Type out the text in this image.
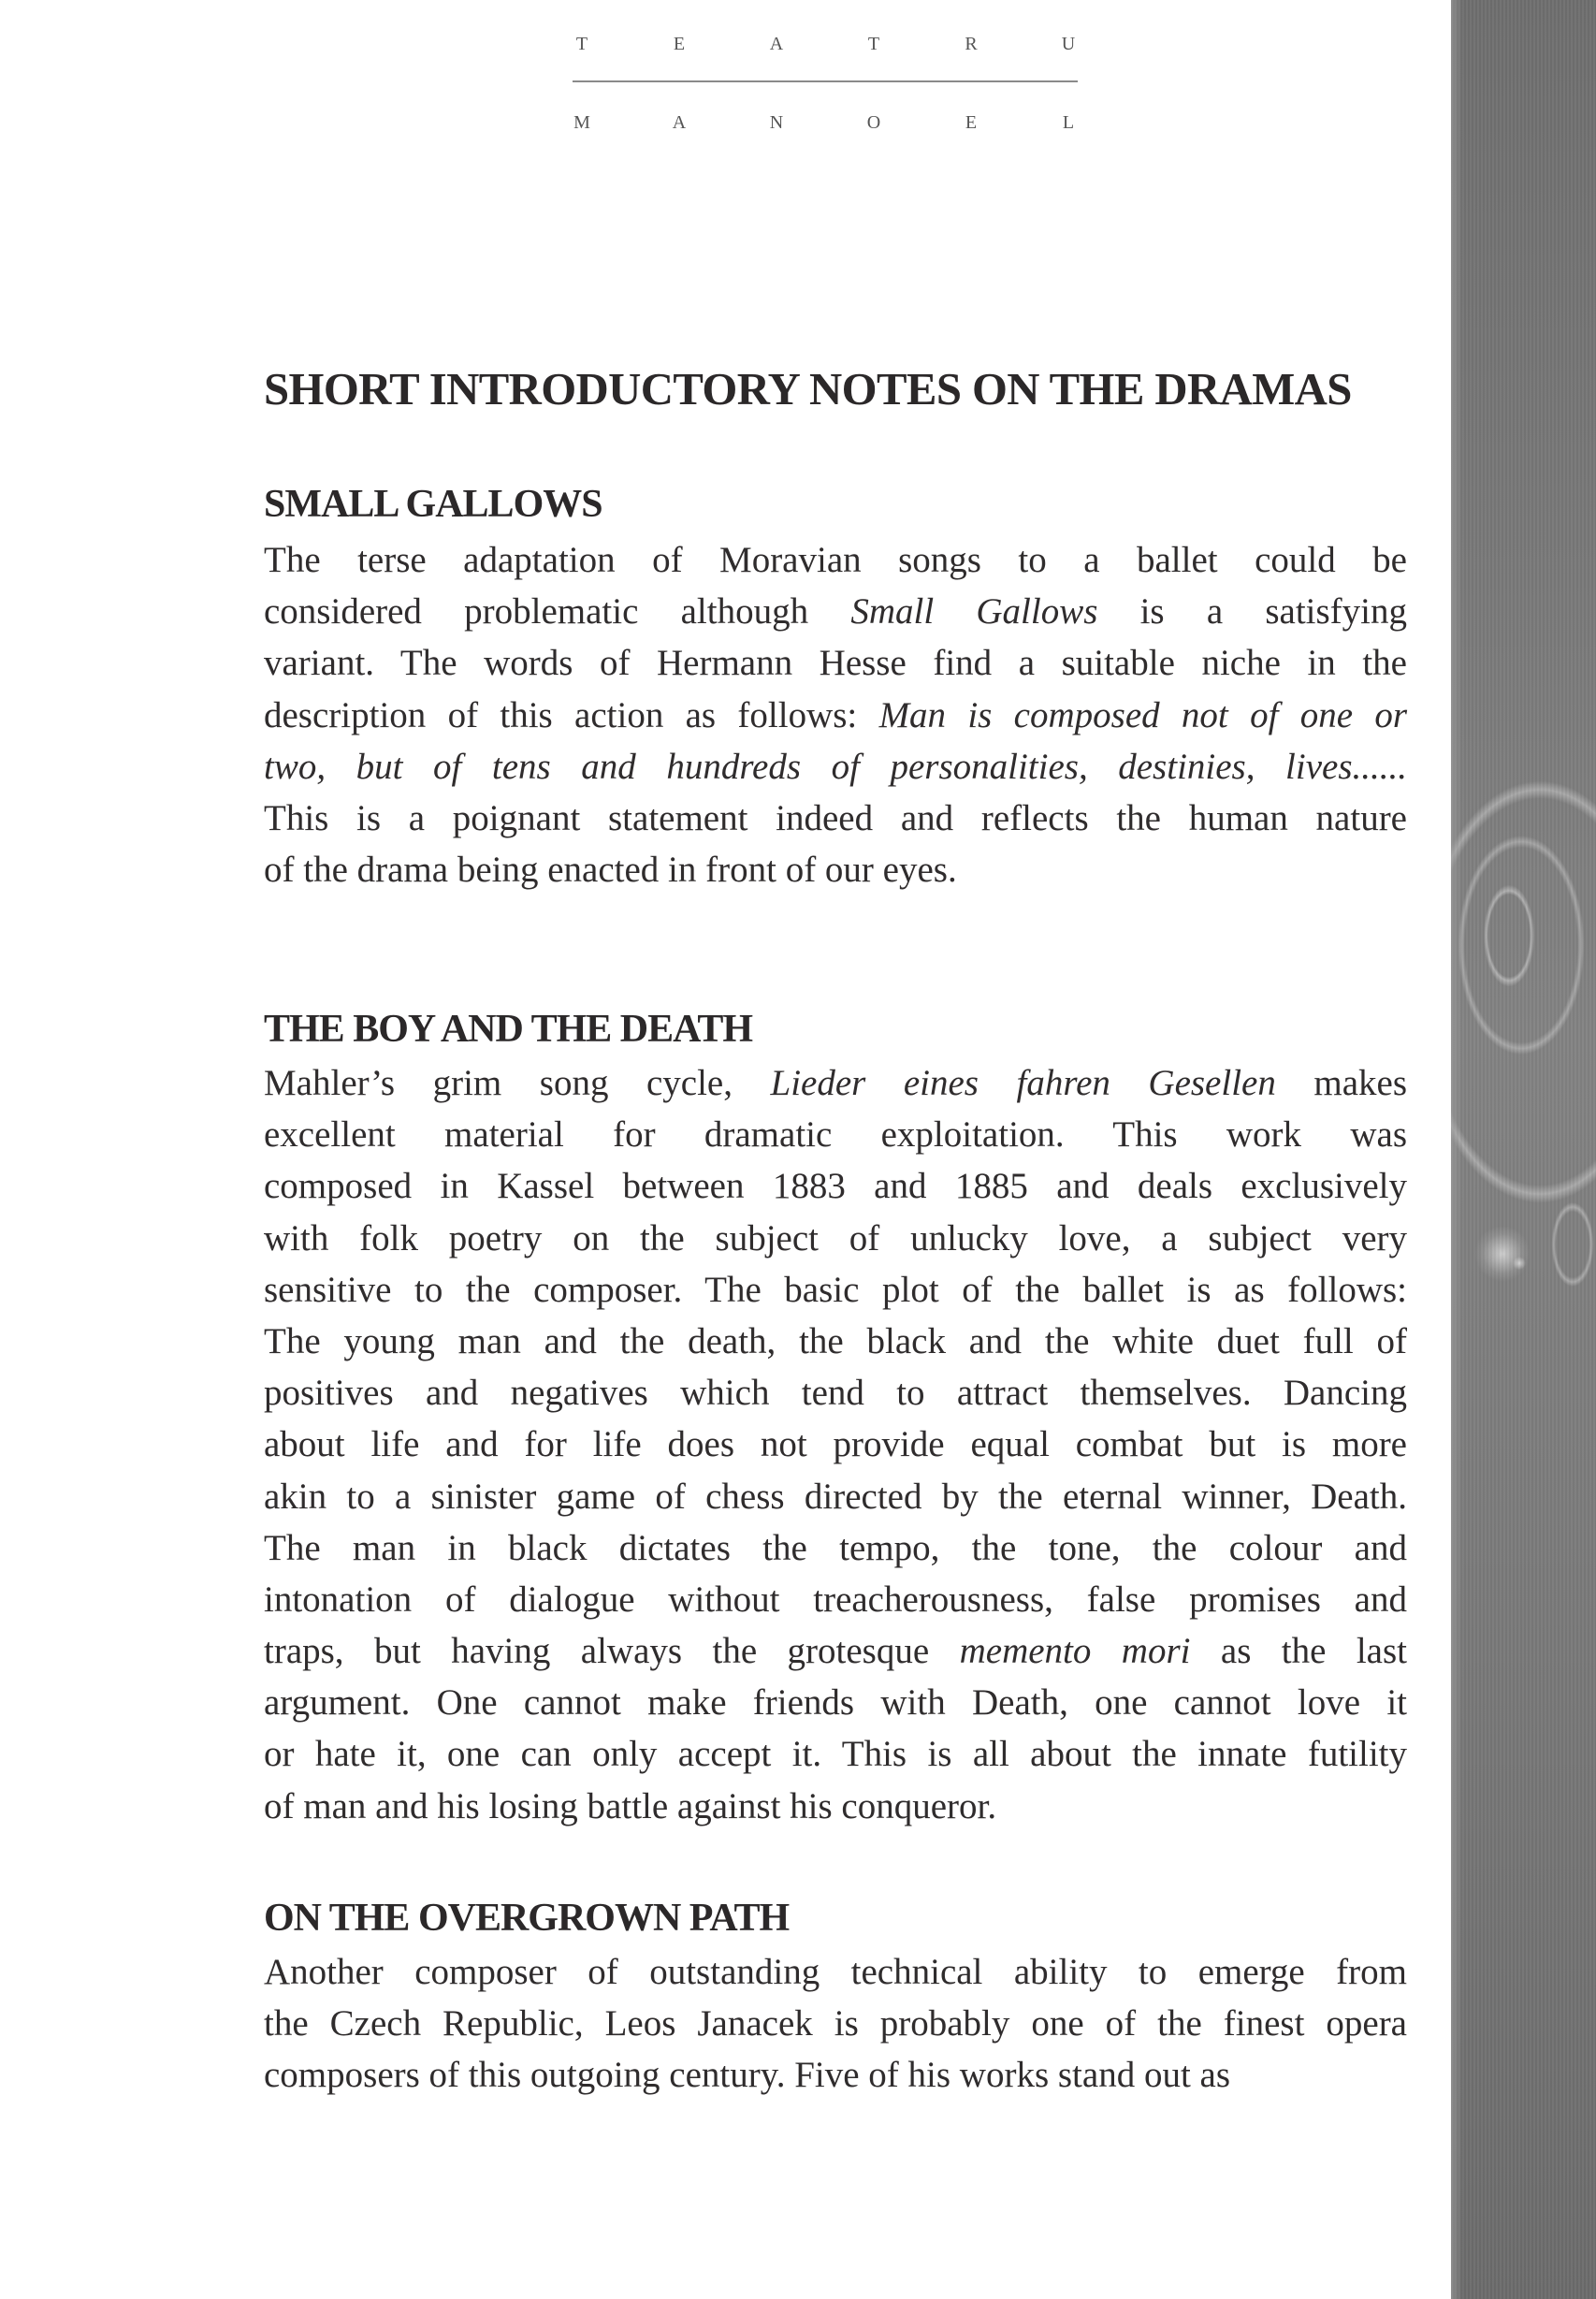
T	E	A	T	R	U
M	A	N	O	E	L
SHORT INTRODUCTORY NOTES ON THE DRAMAS
SMALL GALLOWS
The terse adaptation of Moravian songs to a ballet could be
considered problematic although Small Gallows is a satisfying
variant. The words of Hermann Hesse find a suitable niche in the
description of this action as follows: Man is composed not of one or
two, but of tens and hundreds of personalities, destinies, lives......
This is a poignant statement indeed and reflects the human nature
of the drama being enacted in front of our eyes.
THE BOY AND THE DEATH
Mahler’s grim song cycle, Lieder eines fahren Gesellen makes
excellent material for dramatic exploitation. This work was
composed in Kassel between 1883 and 1885 and deals exclusively
with folk poetry on the subject of unlucky love, a subject very
sensitive to the composer. The basic plot of the ballet is as follows:
The young man and the death, the black and the white duet full of
positives and negatives which tend to attract themselves. Dancing
about life and for life does not provide equal combat but is more
akin to a sinister game of chess directed by the eternal winner, Death.
The man in black dictates the tempo, the tone, the colour and
intonation of dialogue without treacherousness, false promises and
traps, but having always the grotesque memento mori as the last
argument. One cannot make friends with Death, one cannot love it
or hate it, one can only accept it. This is all about the innate futility
of man and his losing battle against his conqueror.
ON THE OVERGROWN PATH
Another composer of outstanding technical ability to emerge from
the Czech Republic, Leos Janacek is probably one of the finest opera
composers of this outgoing century. Five of his works stand out as
